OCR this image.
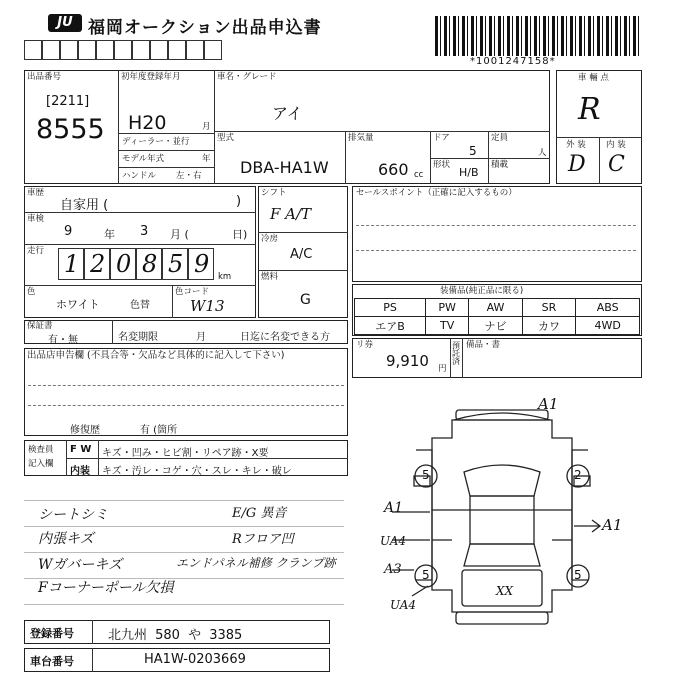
JU 福岡オークション出品申込書
*1001247158*
出品番号
[2211]
8555
初年度登録年月
H20	月
ディーラー・並行
モデル年式	年
ハンドル 左・右
車名・グレード
アイ
型式
DBA-HA1W
排気量
660 cc
ドア
5
形状
H/B
定員
人
積載
車 輛 点
R
外 装 内 装
D C
車歴
自家用 (	)
車検
9	年 3 月 (	日)
走行 1 2 0 8 5 9 km
色
ホワイト	色替
色コード
W13
シフト
F A/T
冷房
A/C
燃料
G
セールスポイント（正確に記入するもの）
装備品(純正品に限る)
PS	PW	AW	SR	ABS
エアB	TV	ナビ	カワ	4WD
保証書
有・無	名変期限	月	日迄に名変できる方
リ券
9,910 円
預託済
備品・書
出品店申告欄 (不具合等・欠品など具体的に記入して下さい)
修復歴	有 (箇所
検査員
記入欄
F W キズ・凹み・ヒビ割・リペア跡・X要
内装 キズ・汚レ・コゲ・穴・スレ・キレ・破レ
シートシミ	E/G 異音
内張キズ	Rフロア凹
Wガバーキズ	エンドパネル補修 クランプ跡
Fコーナーポール欠損
A1
A1
A1
UA4
A3
UA4
XX
5	2
5	5
登録番号	北九州 580 や 3385
車台番号	HA1W-0203669
